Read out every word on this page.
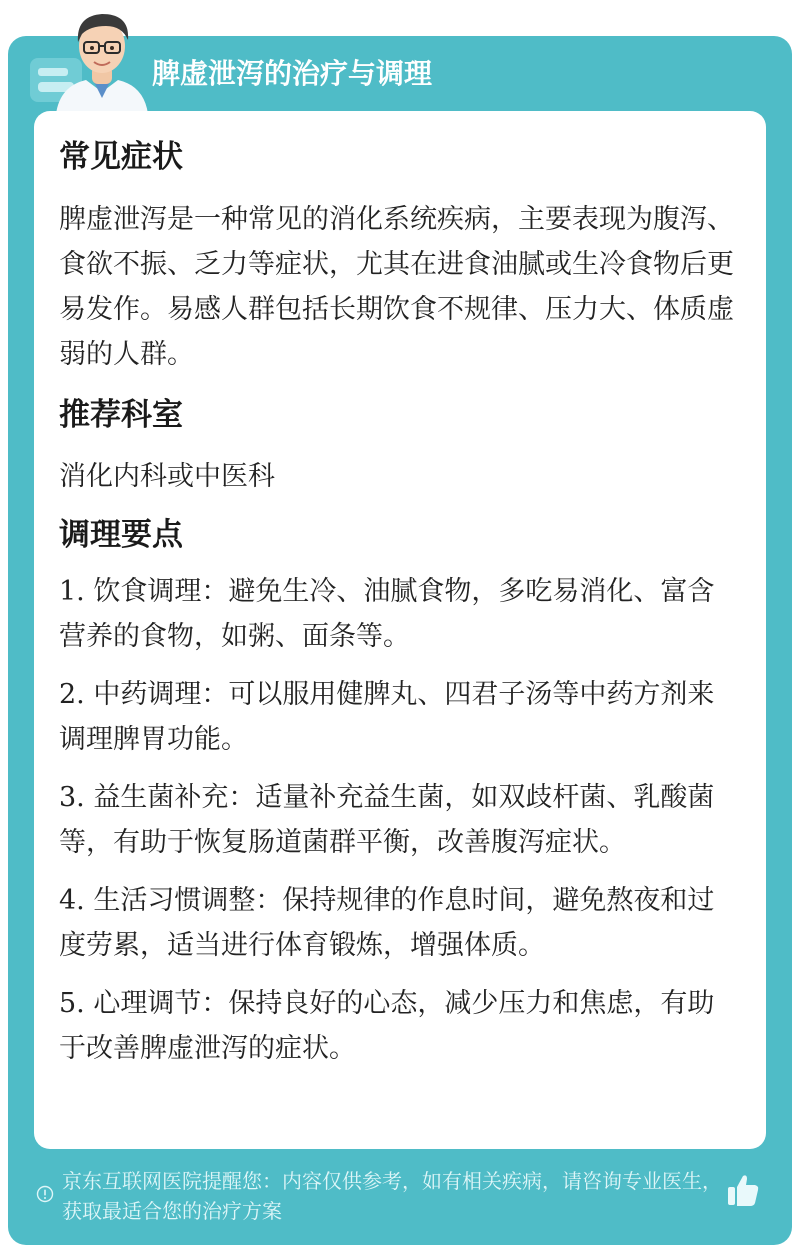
脾虚泄泻的治疗与调理
常见症状

脾虚泄泻是一种常见的消化系统疾病，主要表现为腹泻、食欲不振、乏力等症状，尤其在进食油腻或生冷食物后更易发作。易感人群包括长期饮食不规律、压力大、体质虚弱的人群。

推荐科室

消化内科或中医科

调理要点

1. 饮食调理：避免生冷、油腻食物，多吃易消化、富含营养的食物，如粥、面条等。

2. 中药调理：可以服用健脾丸、四君子汤等中药方剂来调理脾胃功能。

3. 益生菌补充：适量补充益生菌，如双歧杆菌、乳酸菌等，有助于恢复肠道菌群平衡，改善腹泻症状。

4. 生活习惯调整：保持规律的作息时间，避免熬夜和过度劳累，适当进行体育锻炼，增强体质。

5. 心理调节：保持良好的心态，减少压力和焦虑，有助于改善脾虚泄泻的症状。

京东互联网医院提醒您：内容仅供参考，如有相关疾病，请咨询专业医生，获取最适合您的治疗方案
